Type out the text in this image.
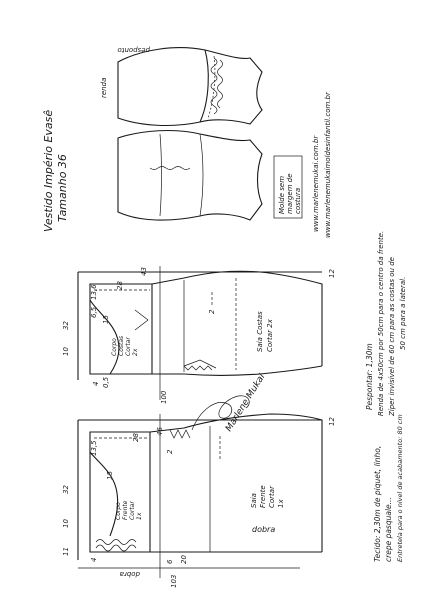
pesponto
renda
Vestido Império Evasê Tamanho 36	Molde sem margem de costura www.marlenemukai.com.br www.marlenemukaimoldesinfantil.com.br
Pespontar: 1,30m Renda de 4x50cm por 50cm para o centro da frente. Zíper invisível de 60 cm para as costas ou de 50 cm para a lateral.
Tecido: 2,30m de piquet, linho, crepe pasquale... Entretela para o nível de acabamento: 80 cm
Marlene Mukai
Corpo Costas Cortar 2x
Saia Costas Cortar 2x
32
10
4 0,5
13,6
15
6,5
28
43
2
100
12
Corpo Frente Cortar 1x
Saia Frente Cortar 1x
dobra
dobra
32
10
11
13,5
15
6 20
46
28
2
103
12
4
